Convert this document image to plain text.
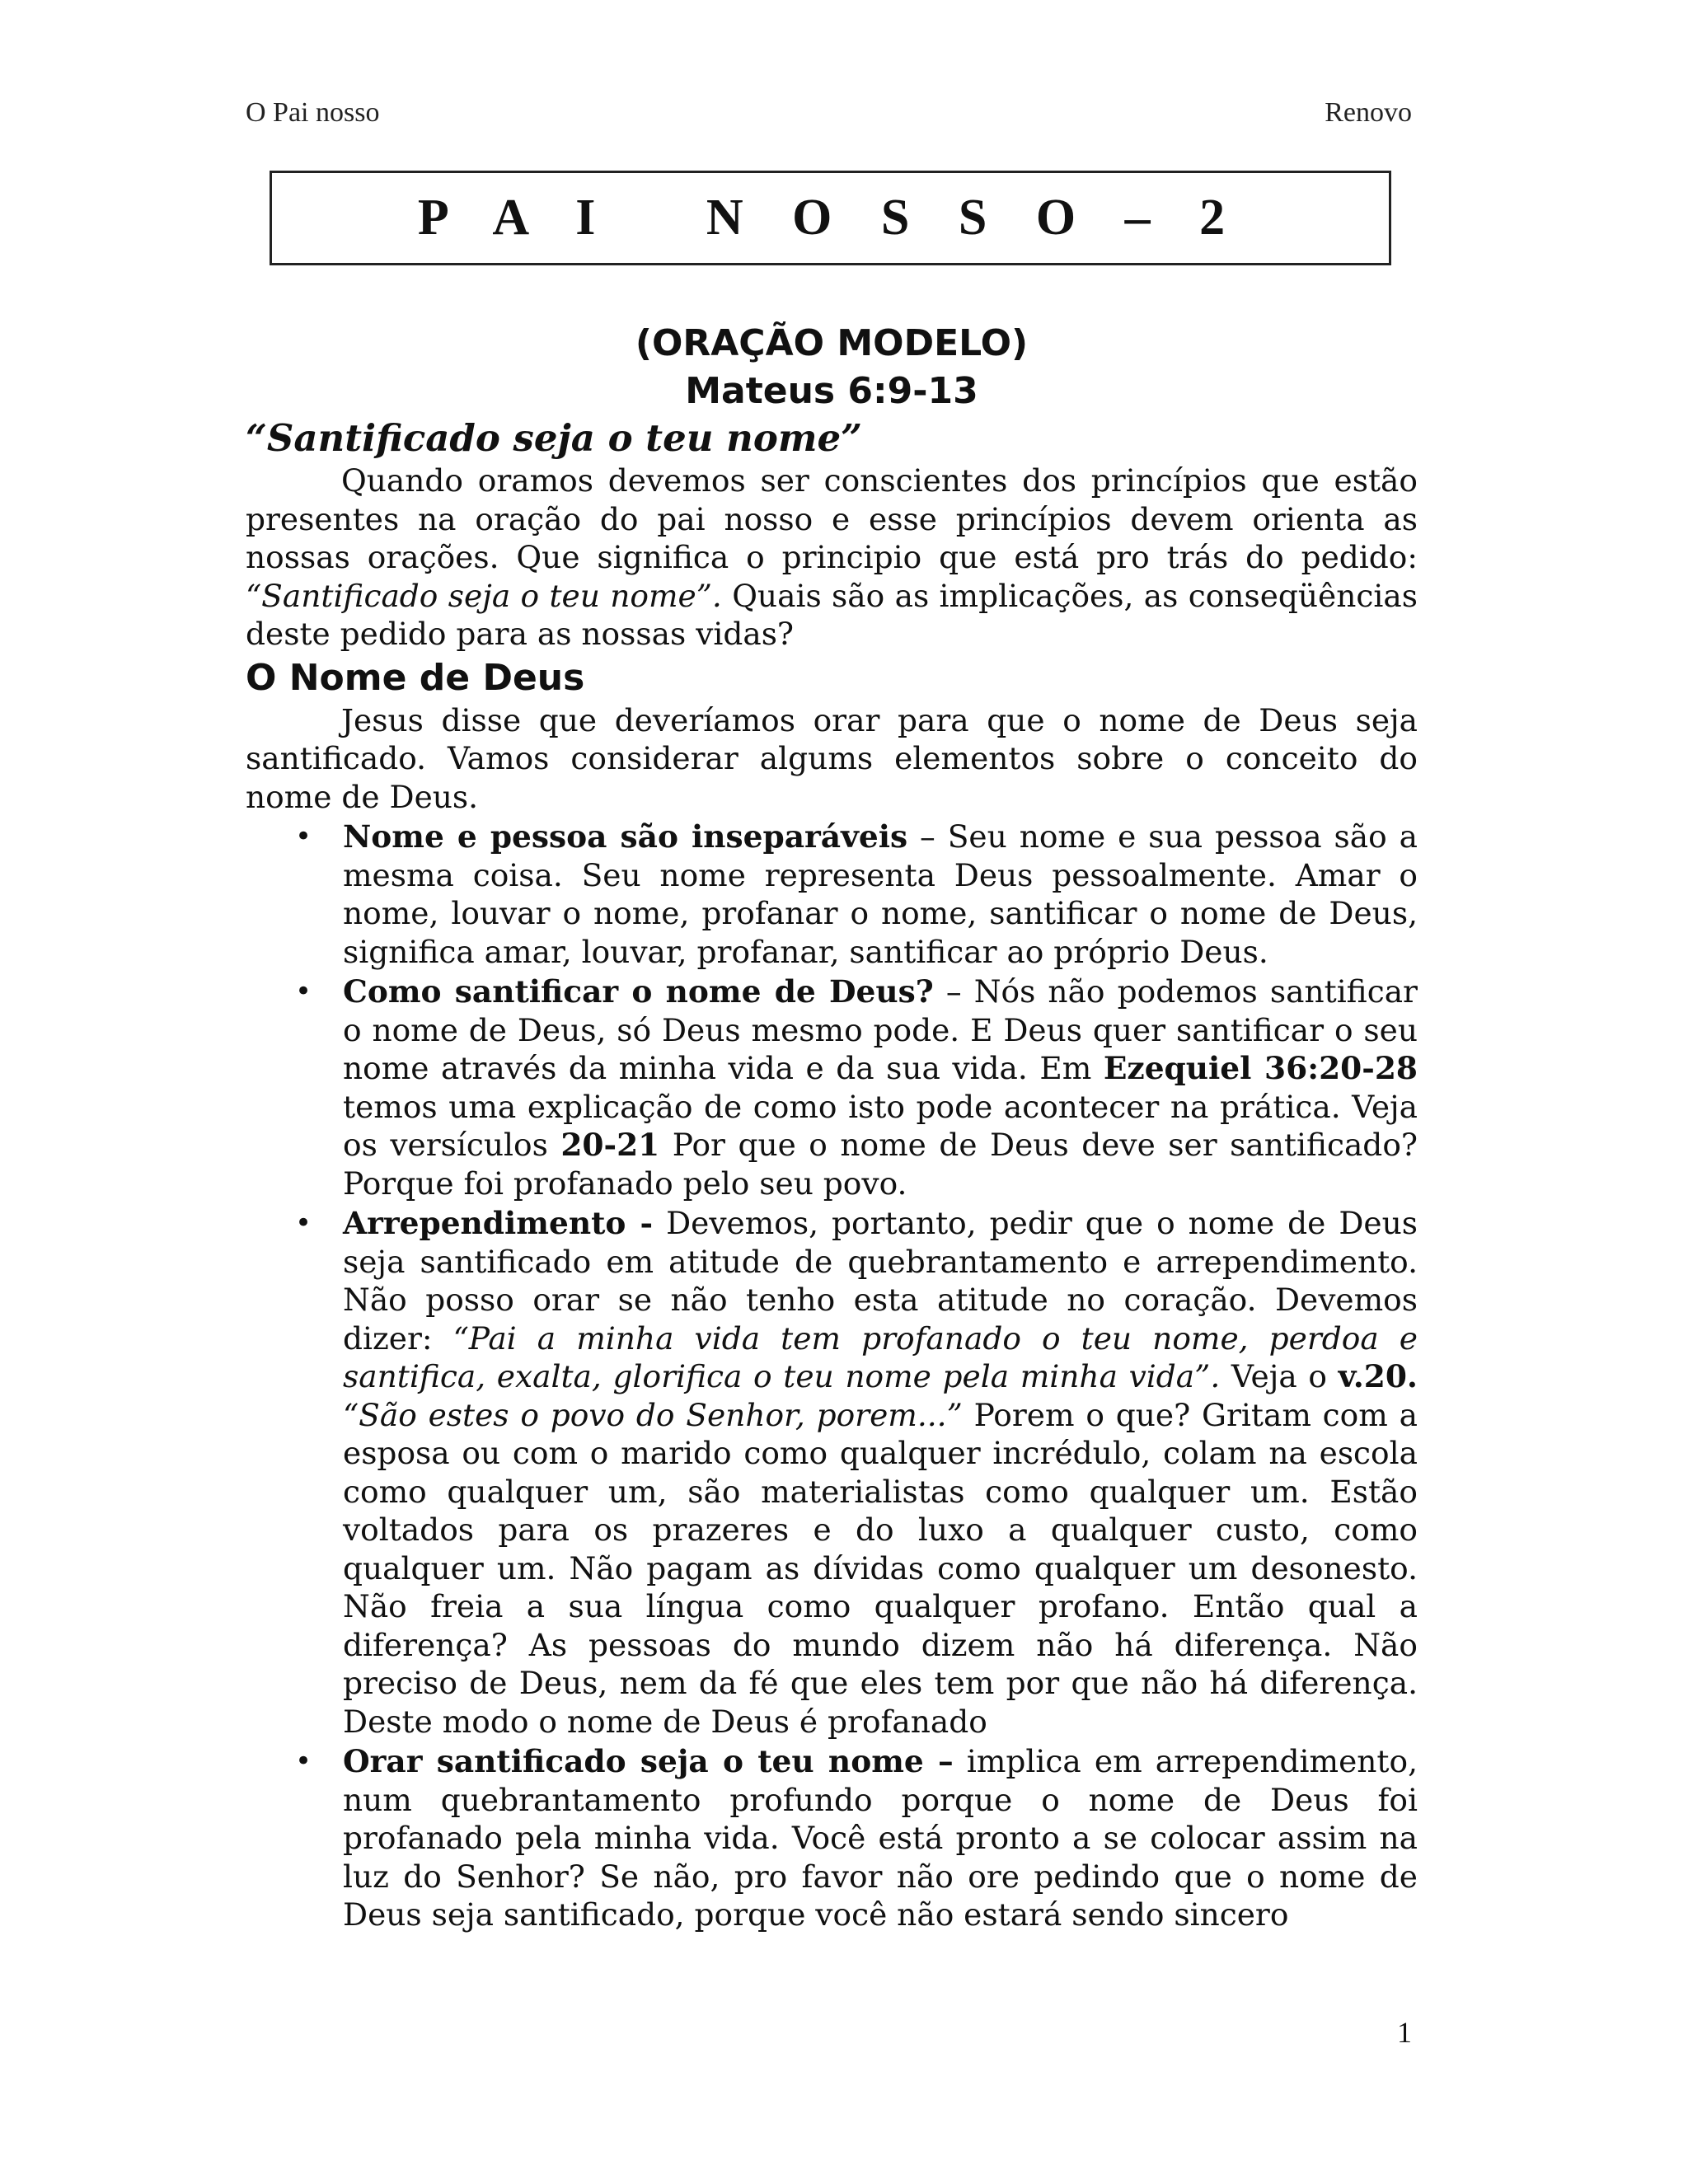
O Pai nosso	Renovo
P A I   N O S S O – 2
(ORAÇÃO MODELO)
Mateus 6:9-13
“Santificado seja o teu nome”

Quando oramos devemos ser conscientes dos princípios que estão presentes na oração do pai nosso e esse princípios devem orienta as nossas orações. Que significa o principio que está pro trás do pedido: “Santificado seja o teu nome”. Quais são as implicações, as conseqüências deste pedido para as nossas vidas?

O Nome de Deus

Jesus disse que deveríamos orar para que o nome de Deus seja santificado. Vamos considerar algums elementos sobre o conceito do nome de Deus.

• Nome e pessoa são inseparáveis – Seu nome e sua pessoa são a mesma coisa. Seu nome representa Deus pessoalmente. Amar o nome, louvar o nome, profanar o nome, santificar o nome de Deus, significa amar, louvar, profanar, santificar ao próprio Deus.
• Como santificar o nome de Deus? – Nós não podemos santificar o nome de Deus, só Deus mesmo pode. E Deus quer santificar o seu nome através da minha vida e da sua vida. Em Ezequiel 36:20-28 temos uma explicação de como isto pode acontecer na prática. Veja os versículos 20-21 Por que o nome de Deus deve ser santificado? Porque foi profanado pelo seu povo.
• Arrependimento - Devemos, portanto, pedir que o nome de Deus seja santificado em atitude de quebrantamento e arrependimento. Não posso orar se não tenho esta atitude no coração. Devemos dizer: “Pai a minha vida tem profanado o teu nome, perdoa e santifica, exalta, glorifica o teu nome pela minha vida”. Veja o v.20. “São estes o povo do Senhor, porem...” Porem o que? Gritam com a esposa ou com o marido como qualquer incrédulo, colam na escola como qualquer um, são materialistas como qualquer um. Estão voltados para os prazeres e do luxo a qualquer custo, como qualquer um. Não pagam as dívidas como qualquer um desonesto. Não freia a sua língua como qualquer profano. Então qual a diferença? As pessoas do mundo dizem não há diferença. Não preciso de Deus, nem da fé que eles tem por que não há diferença. Deste modo o nome de Deus é profanado
• Orar santificado seja o teu nome – implica em arrependimento, num quebrantamento profundo porque o nome de Deus foi profanado pela minha vida. Você está pronto a se colocar assim na luz do Senhor? Se não, pro favor não ore pedindo que o nome de Deus seja santificado, porque você não estará sendo sincero
1
